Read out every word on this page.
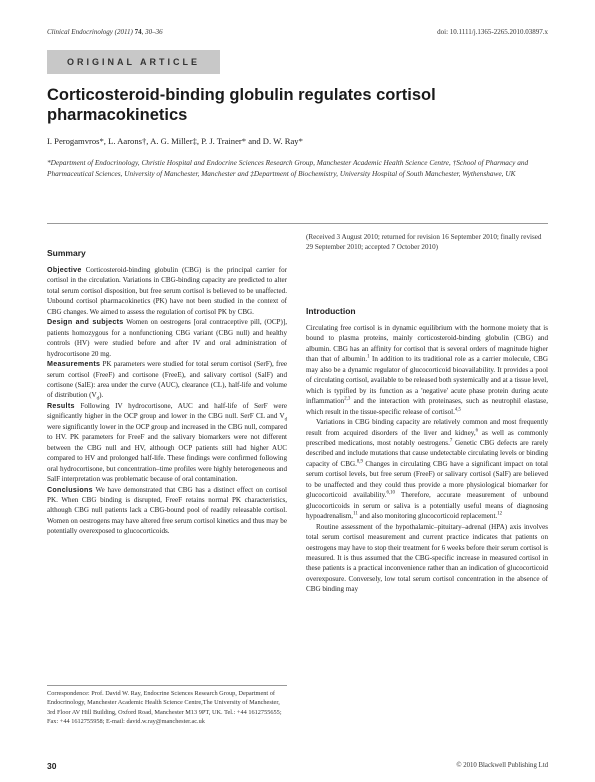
Clinical Endocrinology (2011) 74, 30–36	doi: 10.1111/j.1365-2265.2010.03897.x
ORIGINAL ARTICLE
Corticosteroid-binding globulin regulates cortisol pharmacokinetics
I. Perogamvros*, L. Aarons†, A. G. Miller‡, P. J. Trainer* and D. W. Ray*
*Department of Endocrinology, Christie Hospital and Endocrine Sciences Research Group, Manchester Academic Health Science Centre, †School of Pharmacy and Pharmaceutical Sciences, University of Manchester, Manchester and ‡Department of Biochemistry, University Hospital of South Manchester, Wythenshawe, UK
Summary

Objective Corticosteroid-binding globulin (CBG) is the principal carrier for cortisol in the circulation. Variations in CBG-binding capacity are predicted to alter total serum cortisol disposition, but free serum cortisol is believed to be unaffected. Unbound cortisol pharmacokinetics (PK) have not been studied in the context of CBG changes. We aimed to assess the regulation of cortisol PK by CBG.

Design and subjects Women on oestrogens [oral contraceptive pill, (OCP)], patients homozygous for a nonfunctioning CBG variant (CBG null) and healthy controls (HV) were studied before and after IV and oral administration of hydrocortisone 20 mg.

Measurements PK parameters were studied for total serum cortisol (SerF), free serum cortisol (FreeF) and cortisone (FreeE), and salivary cortisol (SalF) and cortisone (SalE): area under the curve (AUC), clearance (CL), half-life and volume of distribution $(V_d)$.

Results Following IV hydrocortisone, AUC and half-life of SerF were significantly higher in the OCP group and lower in the CBG null. SerF CL and $V_d$ were significantly lower in the OCP group and increased in the CBG null, compared to HV. PK parameters for FreeF and the salivary biomarkers were not different between the CBG null and HV, although OCP patients still had higher AUC compared to HV and prolonged half-life. These findings were confirmed following oral hydrocortisone, but concentration–time profiles were highly heterogeneous and SalF interpretation was problematic because of oral contamination.

Conclusions We have demonstrated that CBG has a distinct effect on cortisol PK. When CBG binding is disrupted, FreeF retains normal PK characteristics, although CBG null patients lack a CBG-bound pool of readily releasable cortisol. Women on oestrogens may have altered free serum cortisol kinetics and thus may be potentially overexposed to glucocorticoids.

Correspondence: Prof. David W. Ray, Endocrine Sciences Research Group, Department of Endocrinology, Manchester Academic Health Science Centre,The University of Manchester, 3rd Floor AV Hill Building, Oxford Road, Manchester M13 9PT, UK. Tel.: +44 1612755655; Fax: +44 1612755958; E-mail: david.w.ray@manchester.ac.uk
(Received 3 August 2010; returned for revision 16 September 2010; finally revised 29 September 2010; accepted 7 October 2010)
Introduction

Circulating free cortisol is in dynamic equilibrium with the hormone moiety that is bound to plasma proteins, mainly corticosteroid-binding globulin (CBG) and albumin. CBG has an affinity for cortisol that is several orders of magnitude higher than that of albumin.$^1$ In addition to its traditional role as a carrier molecule, CBG may also be a dynamic regulator of glucocorticoid bioavailability. It provides a pool of circulating cortisol, available to be released both systemically and at a tissue level, which is typified by its function as a 'negative' acute phase protein during acute inflammation$^{2,3}$ and the interaction with proteinases, such as neutrophil elastase, which result in the tissue-specific release of cortisol.$^{4,5}$

Variations in CBG binding capacity are relatively common and most frequently result from acquired disorders of the liver and kidney,$^6$ as well as commonly prescribed medications, most notably oestrogens.$^7$ Genetic CBG defects are rarely described and include mutations that cause undetectable circulating levels or binding capacity of CBG.$^{8,9}$ Changes in circulating CBG have a significant impact on total serum cortisol levels, but free serum (FreeF) or salivary cortisol (SalF) are believed to be unaffected and they could thus provide a more physiological biomarker for glucocorticoid availability.$^{6,10}$ Therefore, accurate measurement of unbound glucocorticoids in serum or saliva is a potentially useful means of diagnosing hypoadrenalism,$^{11}$ and also monitoring glucocorticoid replacement.$^{12}$

Routine assessment of the hypothalamic–pituitary–adrenal (HPA) axis involves total serum cortisol measurement and current practice indicates that patients on oestrogens may have to stop their treatment for 6 weeks before their serum cortisol is measured. It is thus assumed that the CBG-specific increase in measured cortisol in these patients is a practical inconvenience rather than an indication of glucocorticoid overexposure. Conversely, low total serum cortisol concentration in the absence of CBG binding may

30	© 2010 Blackwell Publishing Ltd
